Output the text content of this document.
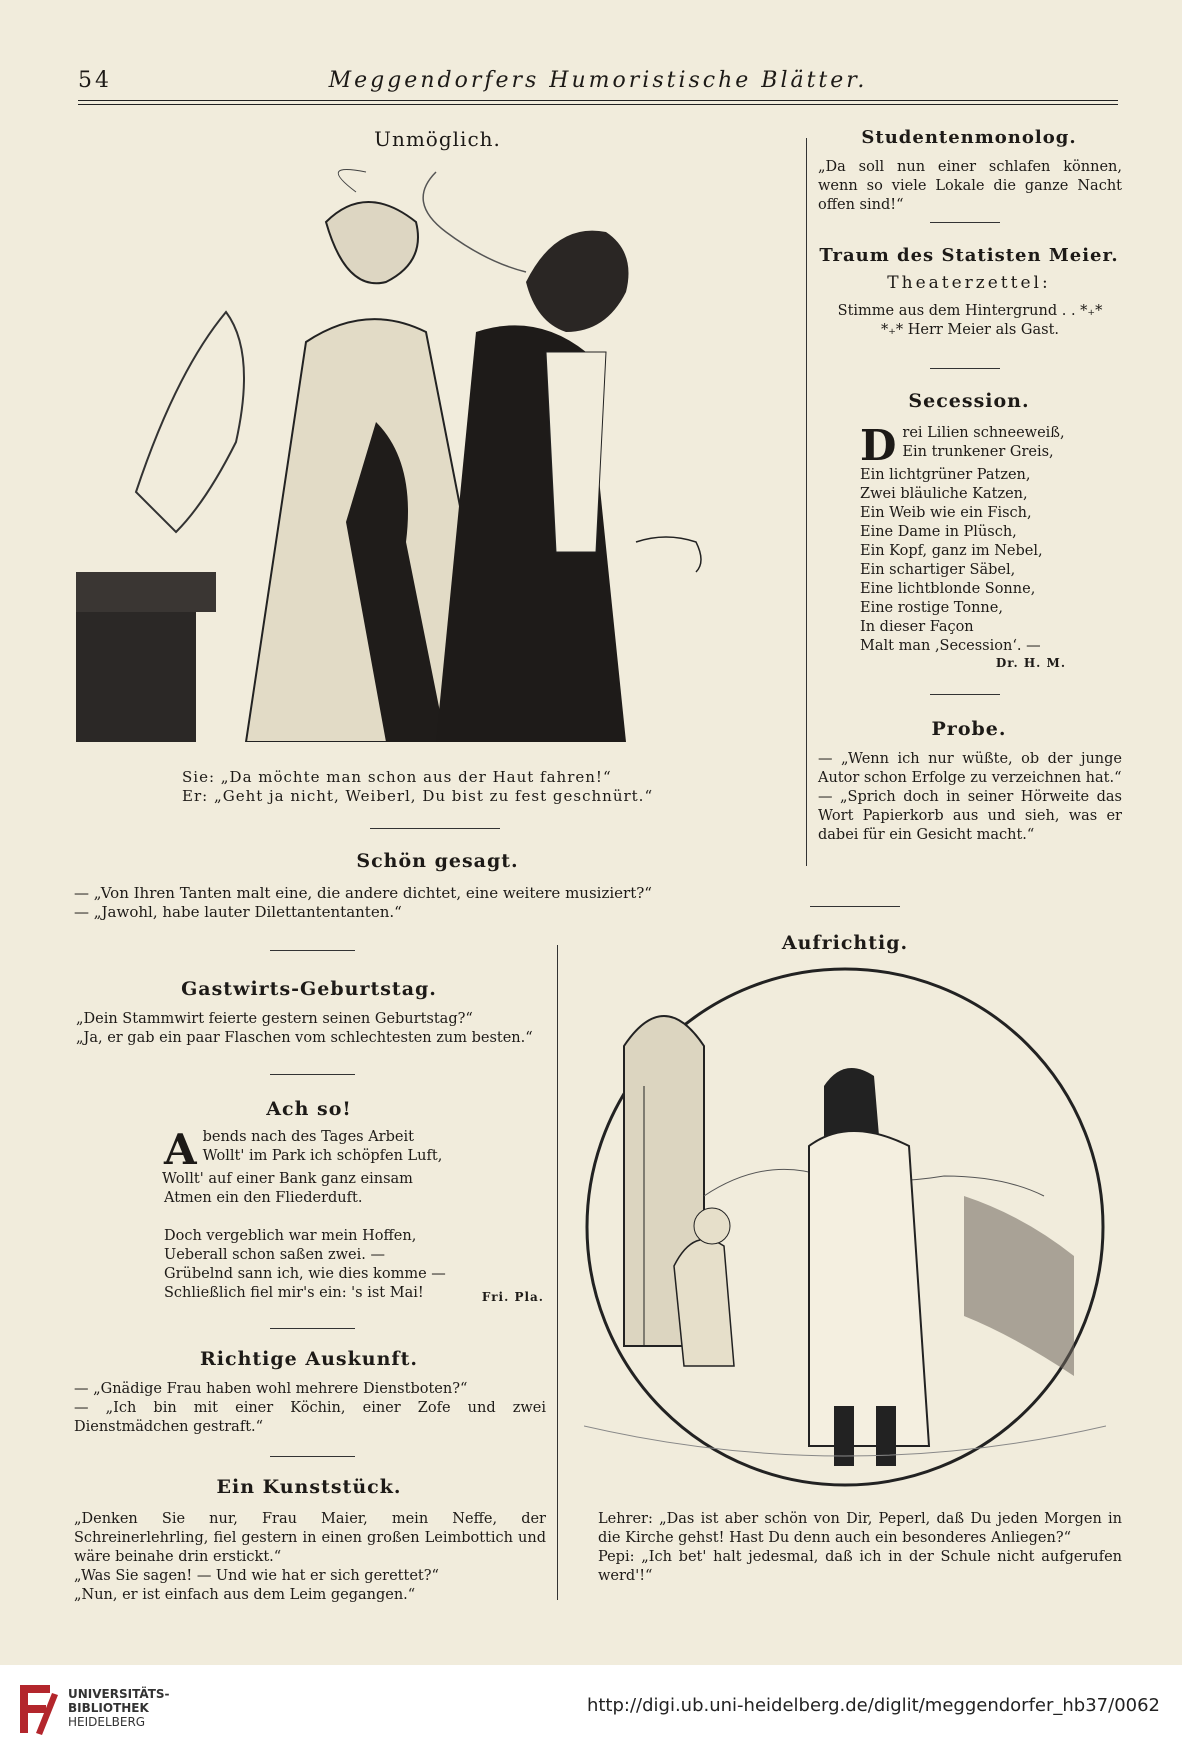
54	Meggendorfers Humoristische Blätter.
Unmöglich.

Sie: „Da möchte man schon aus der Haut fahren!“

Er: „Geht ja nicht, Weiberl, Du bist zu fest geschnürt.“

Schön gesagt.

— „Von Ihren Tanten malt eine, die andere dichtet, eine weitere musiziert?“

— „Jawohl, habe lauter Dilettantentanten.“

Gastwirts-Geburtstag.

„Dein Stammwirt feierte gestern seinen Geburtstag?“

„Ja, er gab ein paar Flaschen vom schlechtesten zum besten.“

Ach so!
A bends nach des Tages Arbeit

Wollt' im Park ich schöpfen Luft,

Wollt' auf einer Bank ganz einsam

Atmen ein den Fliederduft.

Doch vergeblich war mein Hoffen,

Ueberall schon saßen zwei. —

Grübelnd sann ich, wie dies komme —

Schließlich fiel mir's ein: 's ist Mai!	Fri. Pla.
Richtige Auskunft.

— „Gnädige Frau haben wohl mehrere Dienstboten?“

— „Ich bin mit einer Köchin, einer Zofe und zwei Dienstmädchen gestraft.“

Ein Kunststück.

„Denken Sie nur, Frau Maier, mein Neffe, der Schreinerlehrling, fiel gestern in einen großen Leimbottich und wäre beinahe drin erstickt.“

„Was Sie sagen! — Und wie hat er sich gerettet?“

„Nun, er ist einfach aus dem Leim gegangen.“

Studentenmonolog.
„Da soll nun einer schlafen können, wenn so viele Lokale die ganze Nacht offen sind!“
Traum des Statisten Meier.
Theaterzettel:

Stimme aus dem Hintergrund . . *₊*

*₊* Herr Meier als Gast.

Secession.
D rei Lilien schneeweiß,

Ein trunkener Greis,

Ein lichtgrüner Patzen,

Zwei bläuliche Katzen,

Ein Weib wie ein Fisch,

Eine Dame in Plüsch,

Ein Kopf, ganz im Nebel,

Ein schartiger Säbel,

Eine lichtblonde Sonne,

Eine rostige Tonne,

In dieser Façon

Malt man ‚Secession‘. —

Dr. H. M.
Probe.

— „Wenn ich nur wüßte, ob der junge Autor schon Erfolge zu verzeichnen hat.“

— „Sprich doch in seiner Hörweite das Wort Papierkorb aus und sieh, was er dabei für ein Gesicht macht.“

Aufrichtig.

Lehrer: „Das ist aber schön von Dir, Peperl, daß Du jeden Morgen in die Kirche gehst! Hast Du denn auch ein besonderes Anliegen?“

Pepi: „Ich bet' halt jedesmal, daß ich in der Schule nicht aufgerufen werd'!“

UNIVERSITÄTS-
BIBLIOTHEK
HEIDELBERG
http://digi.ub.uni-heidelberg.de/diglit/meggendorfer_hb37/0062
